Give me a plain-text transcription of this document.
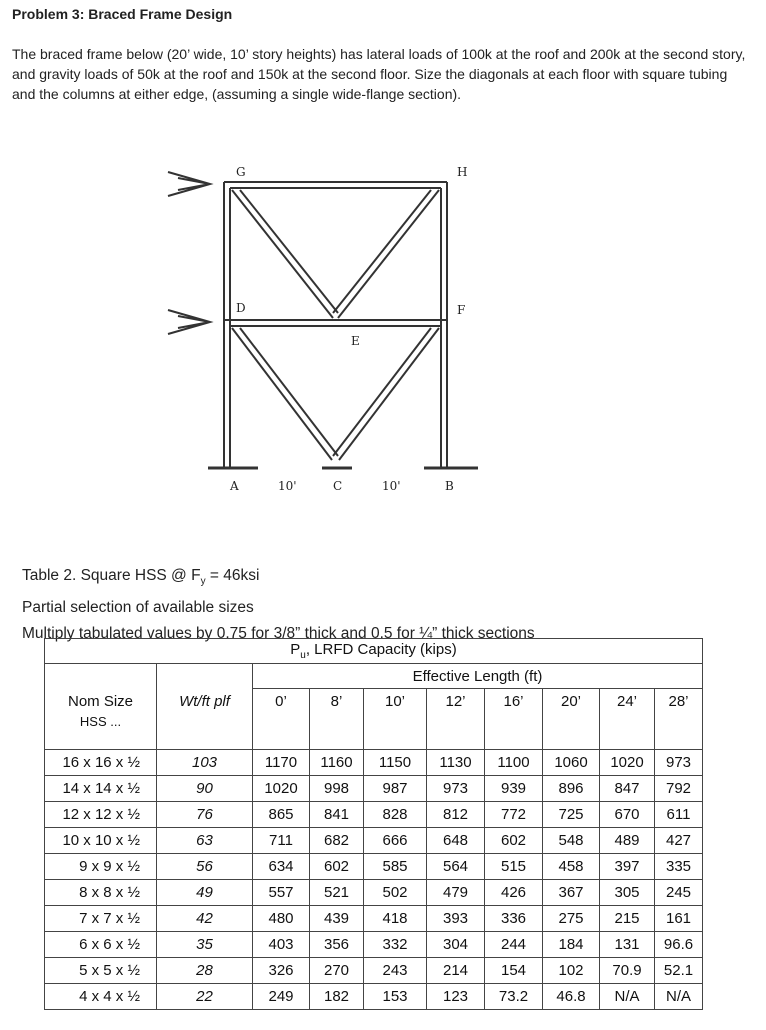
Problem 3: Braced Frame Design
The braced frame below (20’ wide, 10’ story heights) has lateral loads of 100k at the roof and 200k at the second story, and gravity loads of 50k at the roof and 150k at the second floor. Size the diagonals at each floor with square tubing and the columns at either edge, (assuming a single wide-flange section).
G	H
D	F
E
A	C	B
10'	10'
Table 2. Square HSS @ $F_y = 46ksi$
Partial selection of available sizes
Multiply tabulated values by 0.75 for 3/8” thick and 0.5 for ¼” thick sections
$P_u$, LRFD Capacity (kips)									
		Effective Length (ft)							

Nom Size
HSS ...	Wt/ft plf	0’	8’	10’	12’	16’	20’	24’	28’
16 x 16 x ½	103	1170	1160	1150	1130	1100	1060	1020	973
14 x 14 x ½	90	1020	998	987	973	939	896	847	792
12 x 12 x ½	76	865	841	828	812	772	725	670	611
10 x 10 x ½	63	711	682	666	648	602	548	489	427
9 x 9 x ½	56	634	602	585	564	515	458	397	335
8 x 8 x ½	49	557	521	502	479	426	367	305	245
7 x 7 x ½	42	480	439	418	393	336	275	215	161
6 x 6 x ½	35	403	356	332	304	244	184	131	96.6
5 x 5 x ½	28	326	270	243	214	154	102	70.9	52.1
4 x 4 x ½	22	249	182	153	123	73.2	46.8	N/A	N/A
